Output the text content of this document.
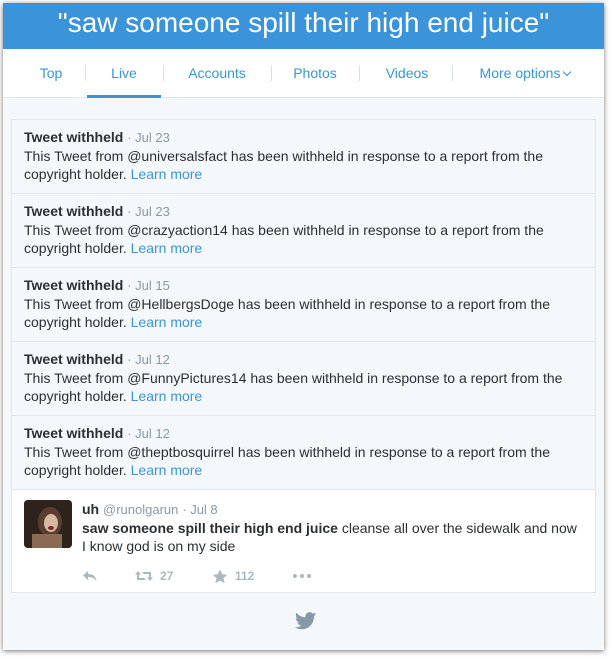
"saw someone spill their high end juice"
Top	Live	Accounts	Photos	Videos	More options
Tweet withheld · Jul 23
This Tweet from @universalsfact has been withheld in response to a report from the copyright holder. Learn more
Tweet withheld · Jul 23
This Tweet from @crazyaction14 has been withheld in response to a report from the copyright holder. Learn more
Tweet withheld · Jul 15
This Tweet from @HellbergsDoge has been withheld in response to a report from the copyright holder. Learn more
Tweet withheld · Jul 12
This Tweet from @FunnyPictures14 has been withheld in response to a report from the copyright holder. Learn more
Tweet withheld · Jul 12
This Tweet from @theptbosquirrel has been withheld in response to a report from the copyright holder. Learn more
uh @runolgarun · Jul 8
saw someone spill their high end juice cleanse all over the sidewalk and now I know god is on my side
27	112
